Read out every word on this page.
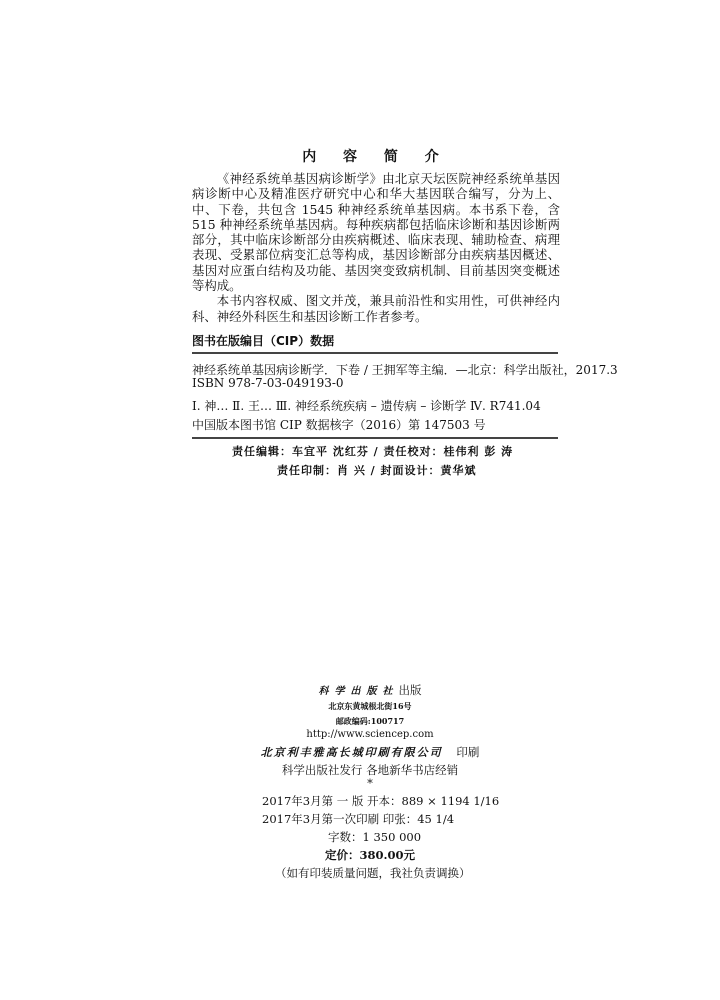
内 容 简 介

《神经系统单基因病诊断学》由北京天坛医院神经系统单基因病诊断中心及精准医疗研究中心和华大基因联合编写，分为上、中、下卷，共包含 1545 种神经系统单基因病。本书系下卷，含 515 种神经系统单基因病。每种疾病都包括临床诊断和基因诊断两部分，其中临床诊断部分由疾病概述、临床表现、辅助检查、病理表现、受累部位病变汇总等构成，基因诊断部分由疾病基因概述、基因对应蛋白结构及功能、基因突变致病机制、目前基因突变概述等构成。

本书内容权威、图文并茂，兼具前沿性和实用性，可供神经内科、神经外科医生和基因诊断工作者参考。

图书在版编目（CIP）数据
神经系统单基因病诊断学．下卷 / 王拥军等主编．—北京：科学出版社，2017.3
ISBN 978-7-03-049193-0
Ⅰ. 神… Ⅱ. 王… Ⅲ. 神经系统疾病 – 遗传病 – 诊断学 Ⅳ. R741.04
中国版本图书馆 CIP 数据核字（2016）第 147503 号
责任编辑：车宜平 沈红芬 / 责任校对：桂伟利 彭 涛
责任印制：肖 兴 / 封面设计：黄华斌
科学出版社出版
北京东黄城根北街16号
邮政编码:100717
http://www.sciencep.com
北京利丰雅高长城印刷有限公司 印刷
科学出版社发行 各地新华书店经销
*
2017年3月第 一 版 开本：889 × 1194 1/16
2017年3月第一次印刷 印张：45 1/4
字数：1 350 000
定价：380.00元
（如有印装质量问题，我社负责调换）
